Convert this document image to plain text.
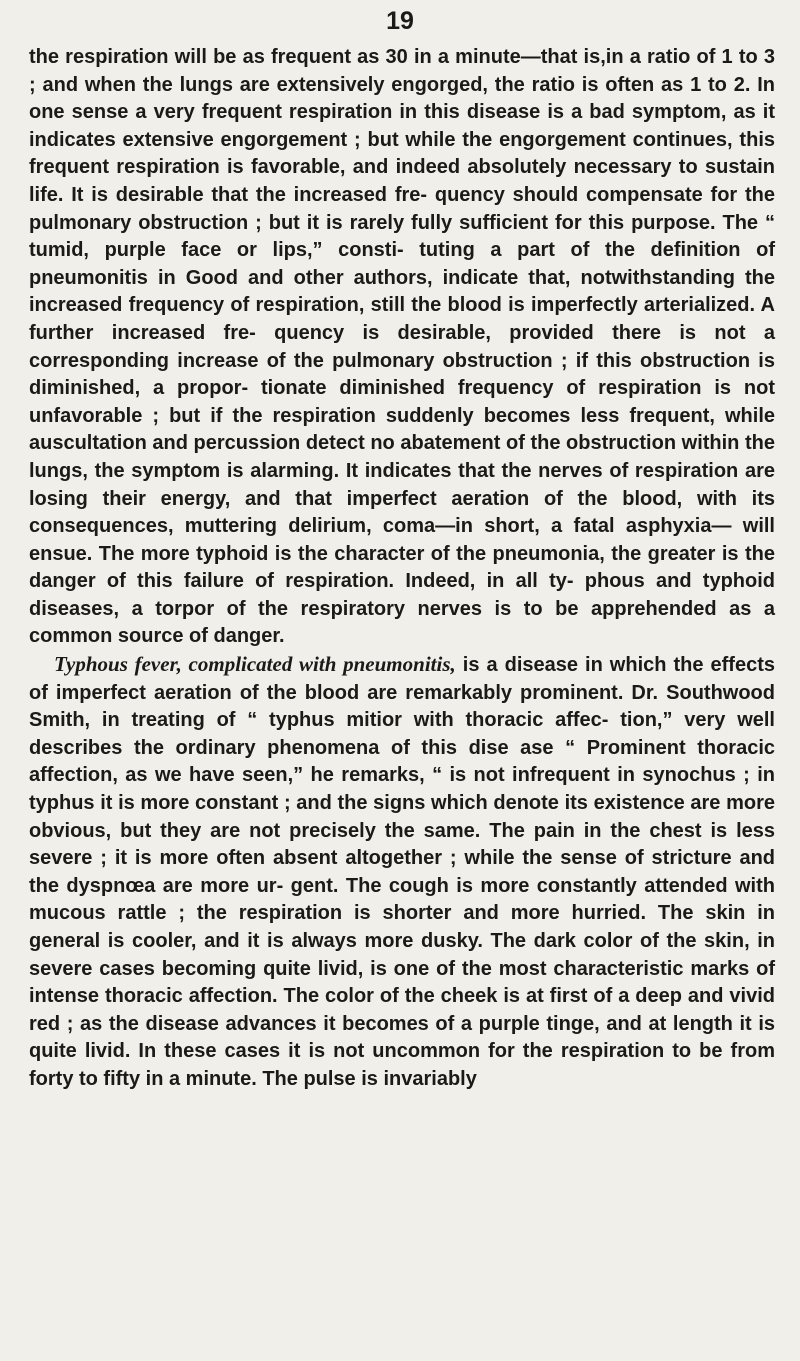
19

the respiration will be as frequent as 30 in a minute—that is,in a ratio of 1 to 3 ; and when the lungs are extensively engorged, the ratio is often as 1 to 2. In one sense a very frequent respiration in this disease is a bad symptom, as it indicates extensive engorgement ; but while the engorgement continues, this frequent respiration is favorable, and indeed absolutely necessary to sustain life. It is desirable that the increased fre- quency should compensate for the pulmonary obstruction ; but it is rarely fully sufficient for this purpose. The “ tumid, purple face or lips,” consti- tuting a part of the definition of pneumonitis in Good and other authors, indicate that, notwithstanding the increased frequency of respiration, still the blood is imperfectly arterialized. A further increased fre- quency is desirable, provided there is not a corresponding increase of the pulmonary obstruction ; if this obstruction is diminished, a propor- tionate diminished frequency of respiration is not unfavorable ; but if the respiration suddenly becomes less frequent, while auscultation and percussion detect no abatement of the obstruction within the lungs, the symptom is alarming. It indicates that the nerves of respiration are losing their energy, and that imperfect aeration of the blood, with its consequences, muttering delirium, coma—in short, a fatal asphyxia— will ensue. The more typhoid is the character of the pneumonia, the greater is the danger of this failure of respiration. Indeed, in all ty- phous and typhoid diseases, a torpor of the respiratory nerves is to be apprehended as a common source of danger.

Typhous fever, complicated with pneumonitis, is a disease in which the effects of imperfect aeration of the blood are remarkably prominent. Dr. Southwood Smith, in treating of “ typhus mitior with thoracic affec- tion,” very well describes the ordinary phenomena of this dise ase “ Prominent thoracic affection, as we have seen,” he remarks, “ is not infrequent in synochus ; in typhus it is more constant ; and the signs which denote its existence are more obvious, but they are not precisely the same. The pain in the chest is less severe ; it is more often absent altogether ; while the sense of stricture and the dyspnœa are more ur- gent. The cough is more constantly attended with mucous rattle ; the respiration is shorter and more hurried. The skin in general is cooler, and it is always more dusky. The dark color of the skin, in severe cases becoming quite livid, is one of the most characteristic marks of intense thoracic affection. The color of the cheek is at first of a deep and vivid red ; as the disease advances it becomes of a purple tinge, and at length it is quite livid. In these cases it is not uncommon for the respiration to be from forty to fifty in a minute. The pulse is invariably
